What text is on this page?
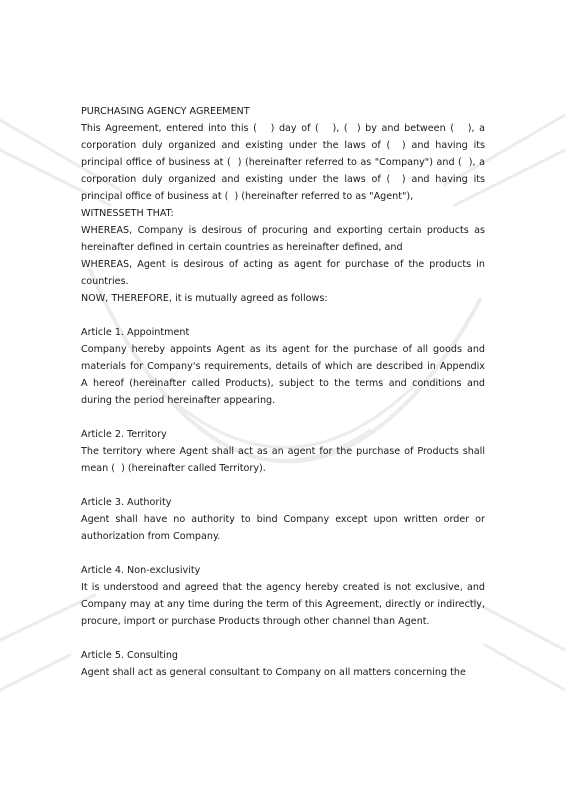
PURCHASING AGENCY AGREEMENT

This Agreement, entered into this (   ) day of (   ), (  ) by and between (   ), a corporation duly organized and existing under the laws of (  ) and having its principal office of business at (  ) (hereinafter referred to as "Company") and (  ), a corporation duly organized and existing under the laws of (  ) and having its principal office of business at (  ) (hereinafter referred to as "Agent"),

WITNESSETH THAT:

WHEREAS, Company is desirous of procuring and exporting certain products as hereinafter defined in certain countries as hereinafter defined, and

WHEREAS, Agent is desirous of acting as agent for purchase of the products in countries.

NOW, THEREFORE, it is mutually agreed as follows:

Article 1. Appointment

Company hereby appoints Agent as its agent for the purchase of all goods and materials for Company's requirements, details of which are described in Appendix A hereof (hereinafter called Products), subject to the terms and conditions and during the period hereinafter appearing.

Article 2. Territory

The territory where Agent shall act as an agent for the purchase of Products shall mean (  ) (hereinafter called Territory).

Article 3. Authority

Agent shall have no authority to bind Company except upon written order or authorization from Company.

Article 4. Non-exclusivity

It is understood and agreed that the agency hereby created is not exclusive, and Company may at any time during the term of this Agreement, directly or indirectly, procure, import or purchase Products through other channel than Agent.

Article 5. Consulting

Agent shall act as general consultant to Company on all matters concerning the
